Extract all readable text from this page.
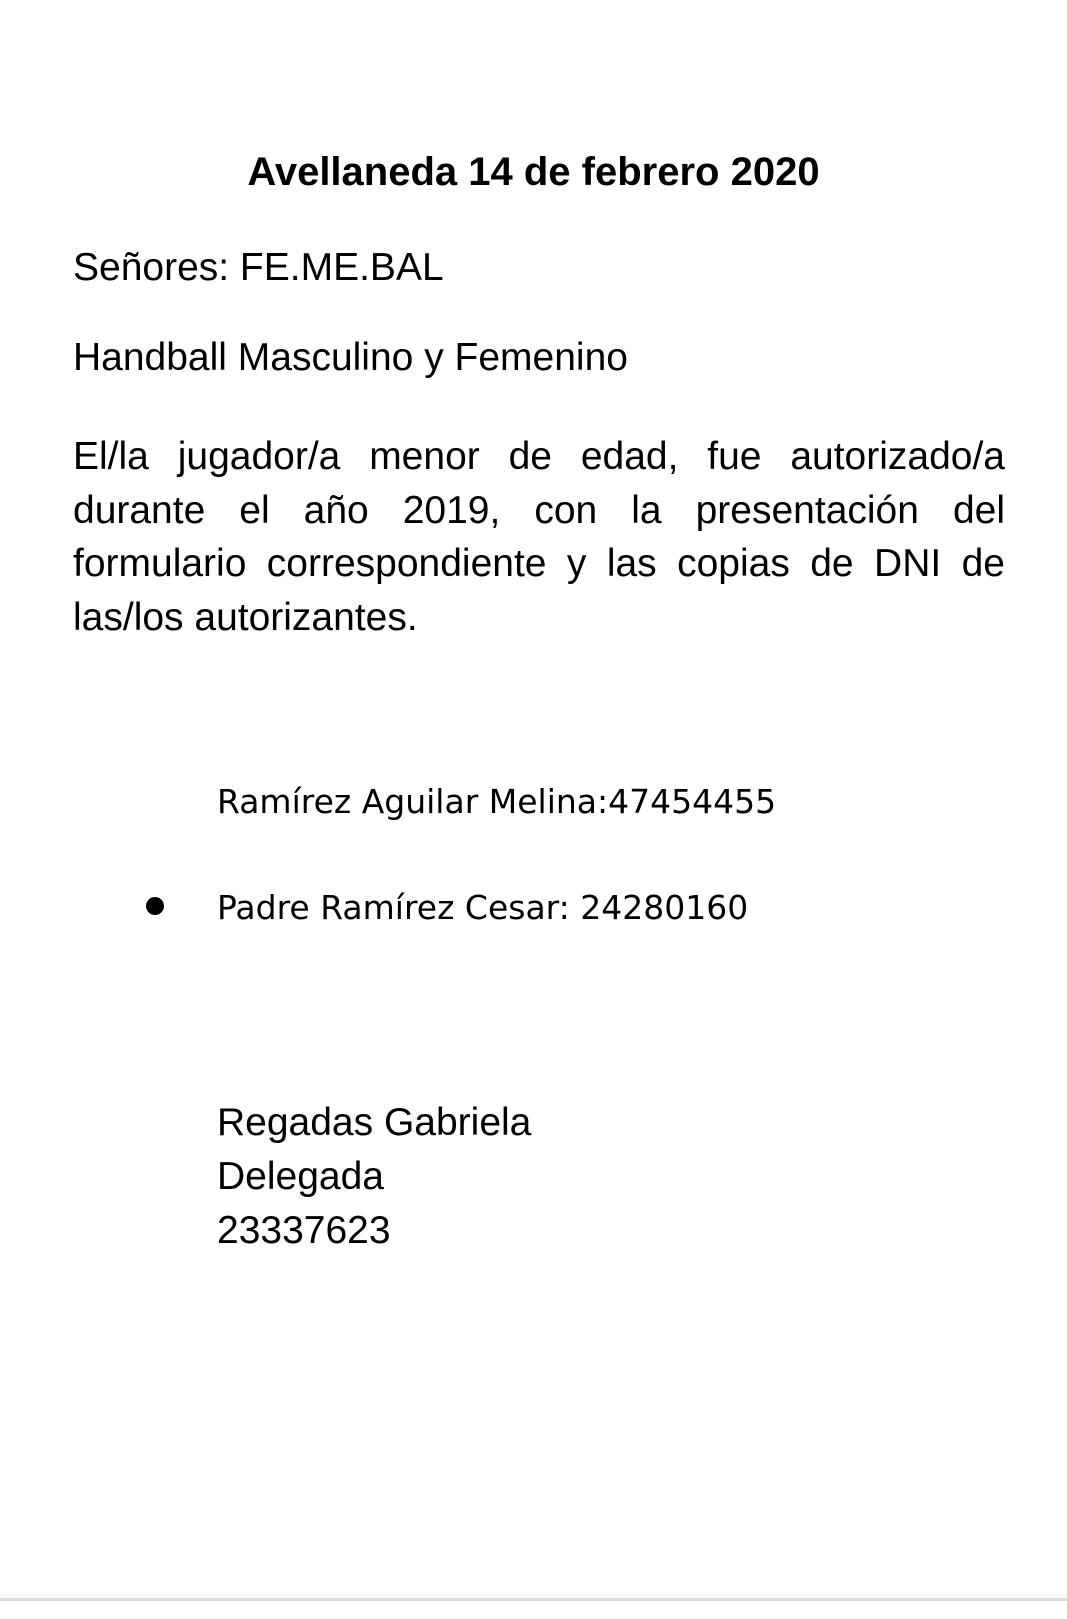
Avellaneda 14 de febrero 2020

Señores: FE.ME.BAL

Handball Masculino y Femenino

El/la jugador/a menor de edad, fue autorizado/a durante el año 2019, con la presentación del formulario correspondiente y las copias de DNI de las/los autorizantes.

Ramírez Aguilar Melina:47454455

Padre Ramírez Cesar: 24280160

Regadas Gabriela
Delegada
23337623
